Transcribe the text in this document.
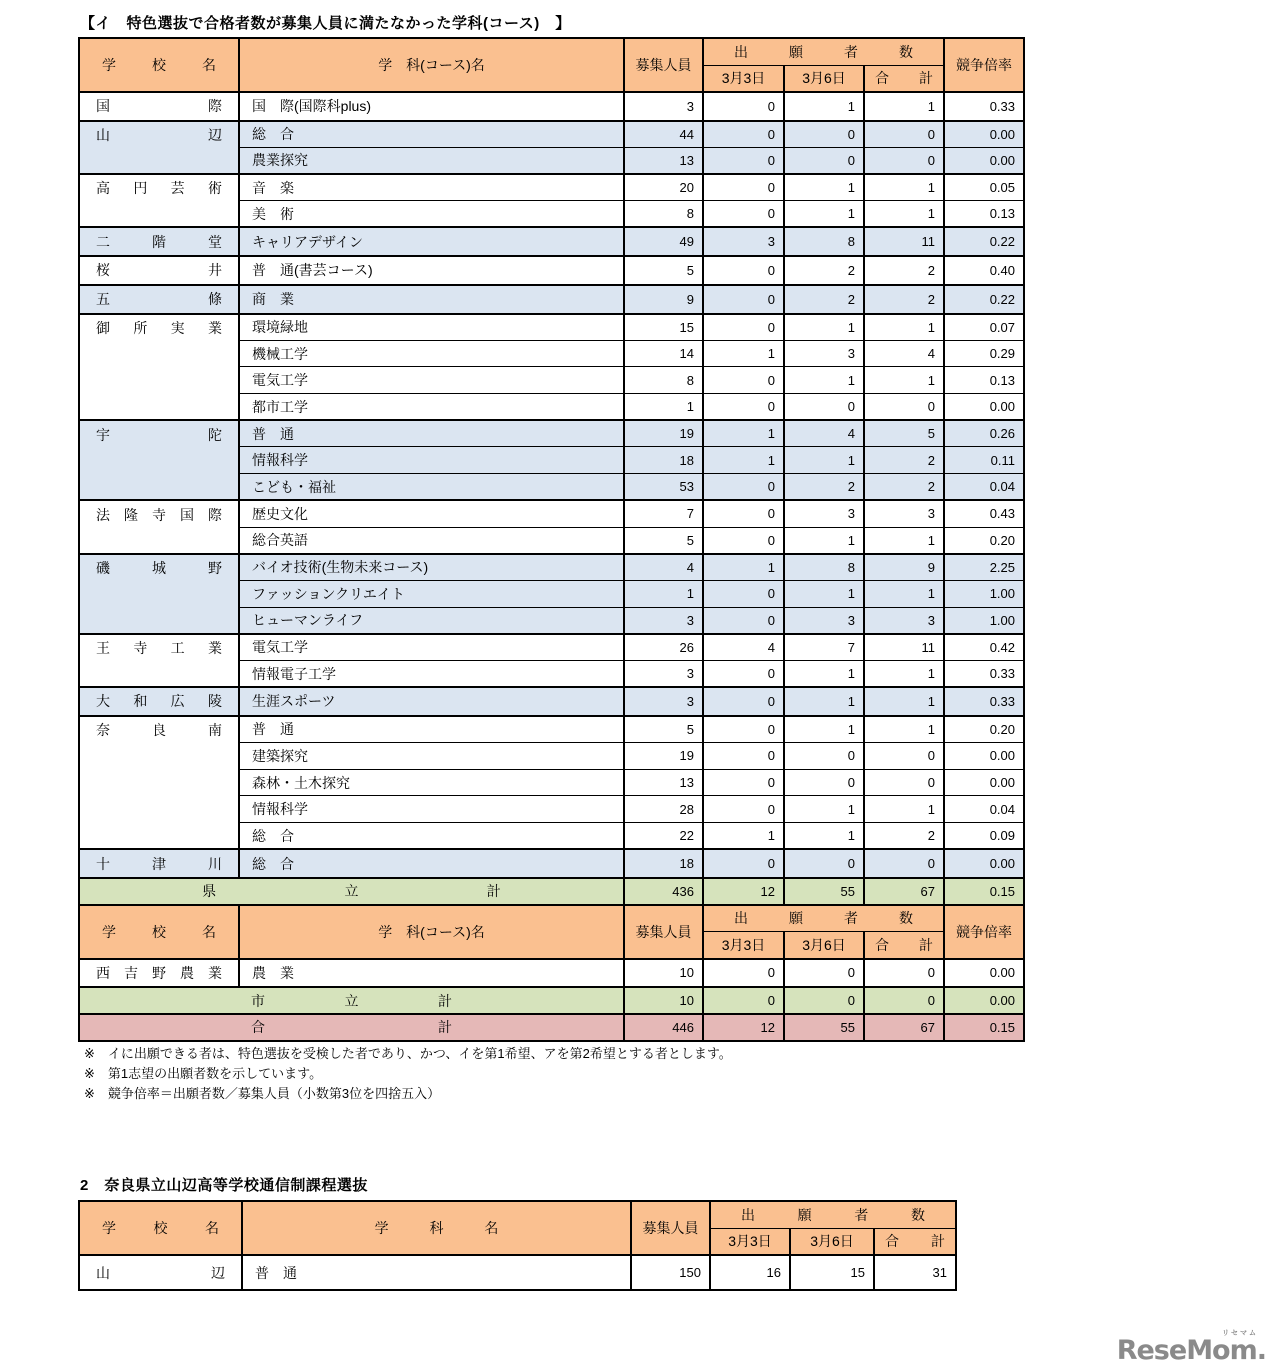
【イ　特色選抜で合格者数が募集人員に満たなかった学科(コース)　】
学 校 名	学　科(コース)名	募集人員	出 願 者 数			競争倍率
			3月3日	3月6日	合 計	

国 際	国　際(国際科plus)	3	0	1	1	0.33

山 辺	総　合	44	0	0	0	0.00
	農業探究	13	0	0	0	0.00

高 円 芸 術	音　楽	20	0	1	1	0.05
	美　術	8	0	1	1	0.13

二 階 堂	キャリアデザイン	49	3	8	11	0.22

桜 井	普　通(書芸コース)	5	0	2	2	0.40

五 條	商　業	9	0	2	2	0.22

御 所 実 業	環境緑地	15	0	1	1	0.07
	機械工学	14	1	3	4	0.29
	電気工学	8	0	1	1	0.13
	都市工学	1	0	0	0	0.00

宇 陀	普　通	19	1	4	5	0.26
	情報科学	18	1	1	2	0.11
	こども・福祉	53	0	2	2	0.04

法 隆 寺 国 際	歴史文化	7	0	3	3	0.43
	総合英語	5	0	1	1	0.20

磯 城 野	バイオ技術(生物未来コース)	4	1	8	9	2.25
	ファッションクリエイト	1	0	1	1	1.00
	ヒューマンライフ	3	0	3	3	1.00

王 寺 工 業	電気工学	26	4	7	11	0.42
	情報電子工学	3	0	1	1	0.33

大 和 広 陵	生涯スポーツ	3	0	1	1	0.33

奈 良 南	普　通	5	0	1	1	0.20
	建築探究	19	0	0	0	0.00
	森林・土木探究	13	0	0	0	0.00
	情報科学	28	0	1	1	0.04
	総　合	22	1	1	2	0.09

十 津 川	総　合	18	0	0	0	0.00

県 立 計		436	12	55	67	0.15

学 校 名	学　科(コース)名	募集人員	出 願 者 数			競争倍率
			3月3日	3月6日	合 計	

西 吉 野 農 業	農　業	10	0	0	0	0.00

市 立 計		10	0	0	0	0.00

合 計		446	12	55	67	0.15
※　イに出願できる者は、特色選抜を受検した者であり、かつ、イを第1希望、アを第2希望とする者とします。
※　第1志望の出願者数を示しています。
※　競争倍率＝出願者数／募集人員（小数第3位を四捨五入）
2　奈良県立山辺高等学校通信制課程選抜
学 校 名	学 科 名	募集人員	出 願 者 数		

			3月3日	3月6日	合 計

山 辺	普　通	150	16	15	31
リセマム
ReseMom.
